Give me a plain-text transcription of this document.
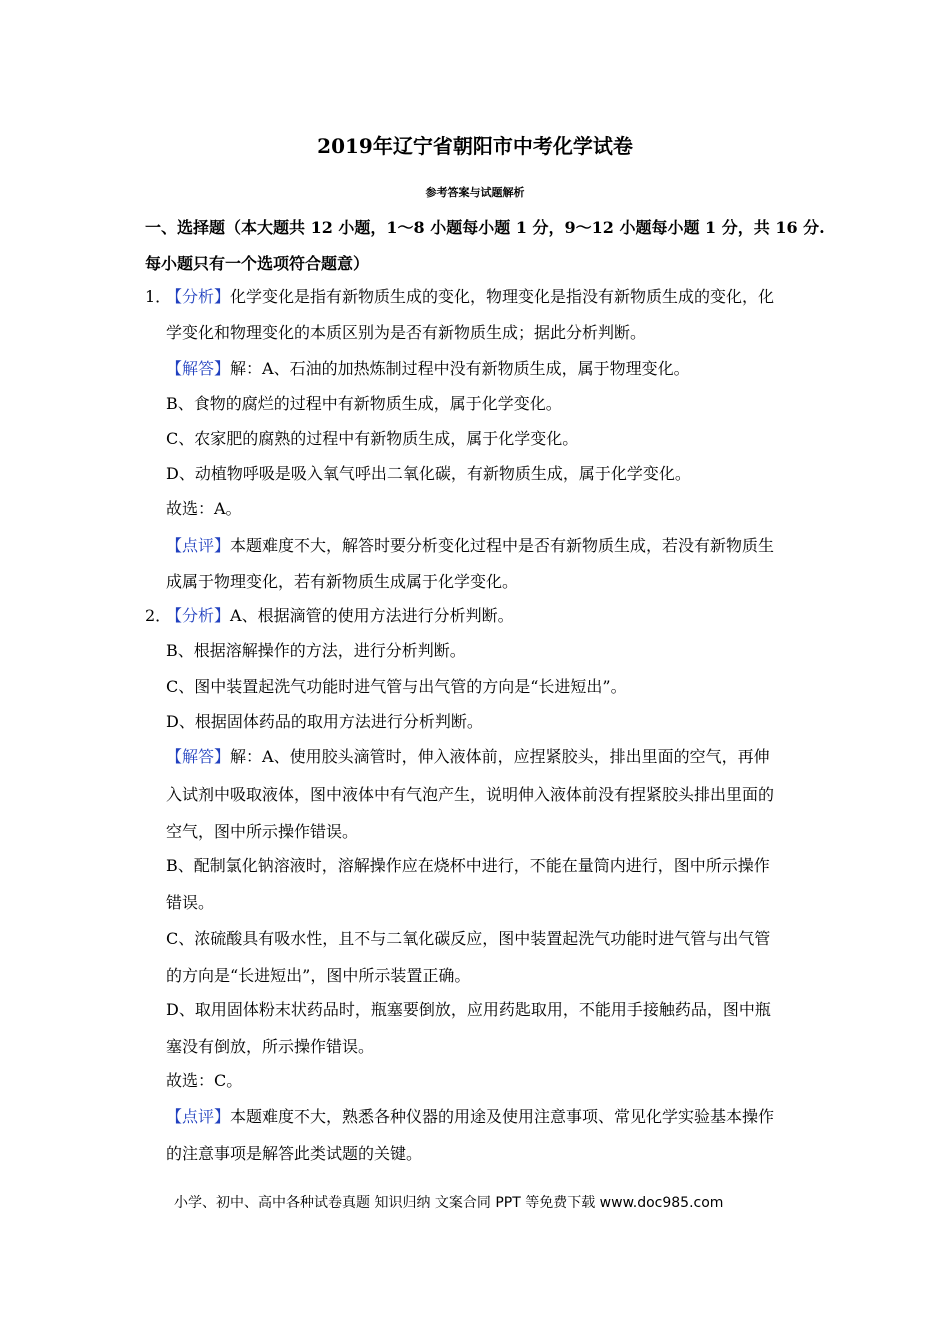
2019年辽宁省朝阳市中考化学试卷
参考答案与试题解析
一、选择题（本大题共 12 小题，1～8 小题每小题 1 分，9～12 小题每小题 1 分，共 16 分.
每小题只有一个选项符合题意）
1．
【分析】化学变化是指有新物质生成的变化，物理变化是指没有新物质生成的变化，化
学变化和物理变化的本质区别为是否有新物质生成；据此分析判断。
【解答】解：A、石油的加热炼制过程中没有新物质生成，属于物理变化。
B、食物的腐烂的过程中有新物质生成，属于化学变化。
C、农家肥的腐熟的过程中有新物质生成，属于化学变化。
D、动植物呼吸是吸入氧气呼出二氧化碳，有新物质生成，属于化学变化。
故选：A。
【点评】本题难度不大，解答时要分析变化过程中是否有新物质生成，若没有新物质生
成属于物理变化，若有新物质生成属于化学变化。
2．
【分析】A、根据滴管的使用方法进行分析判断。
B、根据溶解操作的方法，进行分析判断。
C、图中装置起洗气功能时进气管与出气管的方向是“长进短出”。
D、根据固体药品的取用方法进行分析判断。
【解答】解：A、使用胶头滴管时，伸入液体前，应捏紧胶头，排出里面的空气，再伸
入试剂中吸取液体，图中液体中有气泡产生，说明伸入液体前没有捏紧胶头排出里面的
空气，图中所示操作错误。
B、配制氯化钠溶液时，溶解操作应在烧杯中进行，不能在量筒内进行，图中所示操作
错误。
C、浓硫酸具有吸水性，且不与二氧化碳反应，图中装置起洗气功能时进气管与出气管
的方向是“长进短出”，图中所示装置正确。
D、取用固体粉末状药品时，瓶塞要倒放，应用药匙取用，不能用手接触药品，图中瓶
塞没有倒放，所示操作错误。
故选：C。
【点评】本题难度不大，熟悉各种仪器的用途及使用注意事项、常见化学实验基本操作
的注意事项是解答此类试题的关键。
小学、初中、高中各种试卷真题 知识归纳 文案合同 PPT 等免费下载 www.doc985.com
